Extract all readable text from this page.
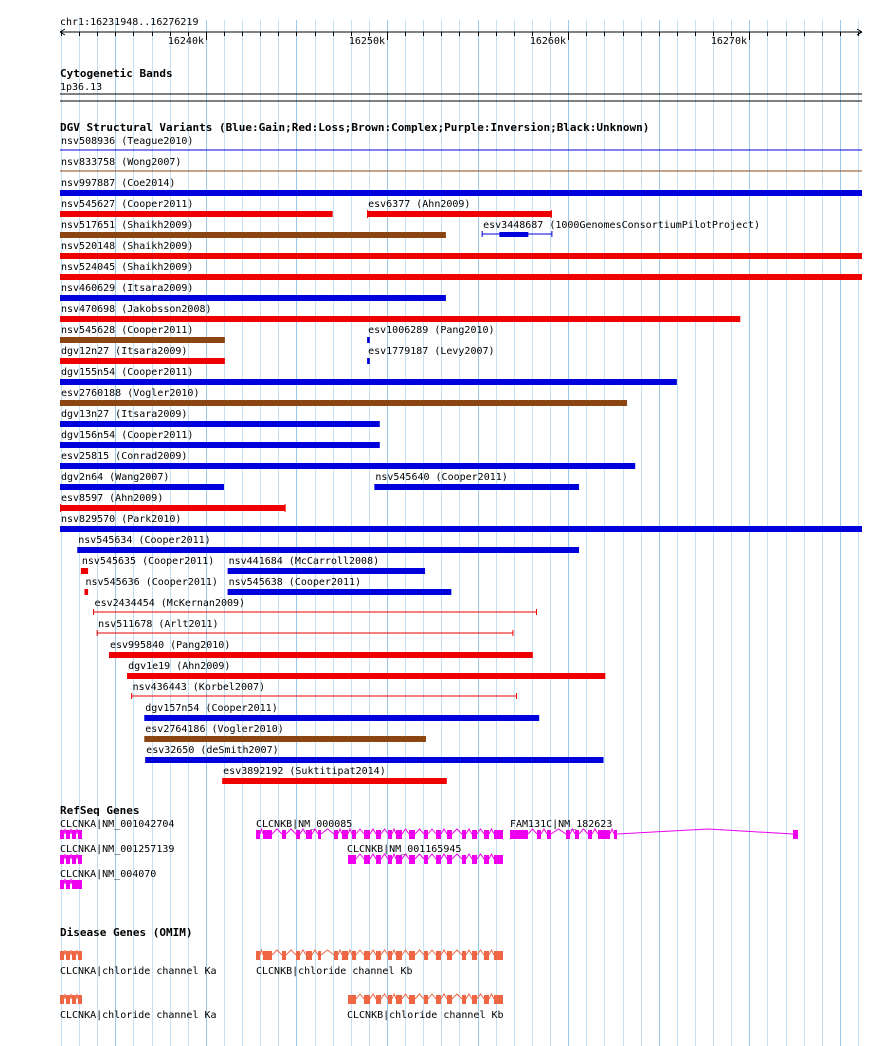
chr1:16231948..16276219
16240k	16250k	16260k	16270k
Cytogenetic Bands
1p36.13
DGV Structural Variants (Blue:Gain;Red:Loss;Brown:Complex;Purple:Inversion;Black:Unknown)
nsv508936 (Teague2010)
nsv833758 (Wong2007)
nsv997887 (Coe2014)
nsv545627 (Cooper2011)	esv6377 (Ahn2009)
nsv517651 (Shaikh2009)	esv3448687 (1000GenomesConsortiumPilotProject)
nsv520148 (Shaikh2009)
nsv524045 (Shaikh2009)
nsv460629 (Itsara2009)
nsv470698 (Jakobsson2008)
nsv545628 (Cooper2011)	esv1006289 (Pang2010)
dgv12n27 (Itsara2009)	esv1779187 (Levy2007)
dgv155n54 (Cooper2011)
esv2760188 (Vogler2010)
dgv13n27 (Itsara2009)
dgv156n54 (Cooper2011)
esv25815 (Conrad2009)
dgv2n64 (Wang2007)	nsv545640 (Cooper2011)
esv8597 (Ahn2009)
nsv829570 (Park2010)
nsv545634 (Cooper2011)
nsv545635 (Cooper2011) nsv441684 (McCarroll2008)
nsv545636 (Cooper2011) nsv545638 (Cooper2011)
esv2434454 (McKernan2009)
nsv511678 (Arlt2011)
esv995840 (Pang2010)
dgv1e19 (Ahn2009)
nsv436443 (Korbel2007)
dgv157n54 (Cooper2011)
esv2764186 (Vogler2010)
esv32650 (deSmith2007)
esv3892192 (Suktitipat2014)
RefSeq Genes
CLCNKA|NM_001042704	CLCNKB|NM_000085	FAM131C|NM_182623
CLCNKA|NM_001257139	CLCNKB|NM_001165945
CLCNKA|NM_004070
Disease Genes (OMIM)
CLCNKA|chloride channel Ka	CLCNKB|chloride channel Kb
CLCNKA|chloride channel Ka	CLCNKB|chloride channel Kb
